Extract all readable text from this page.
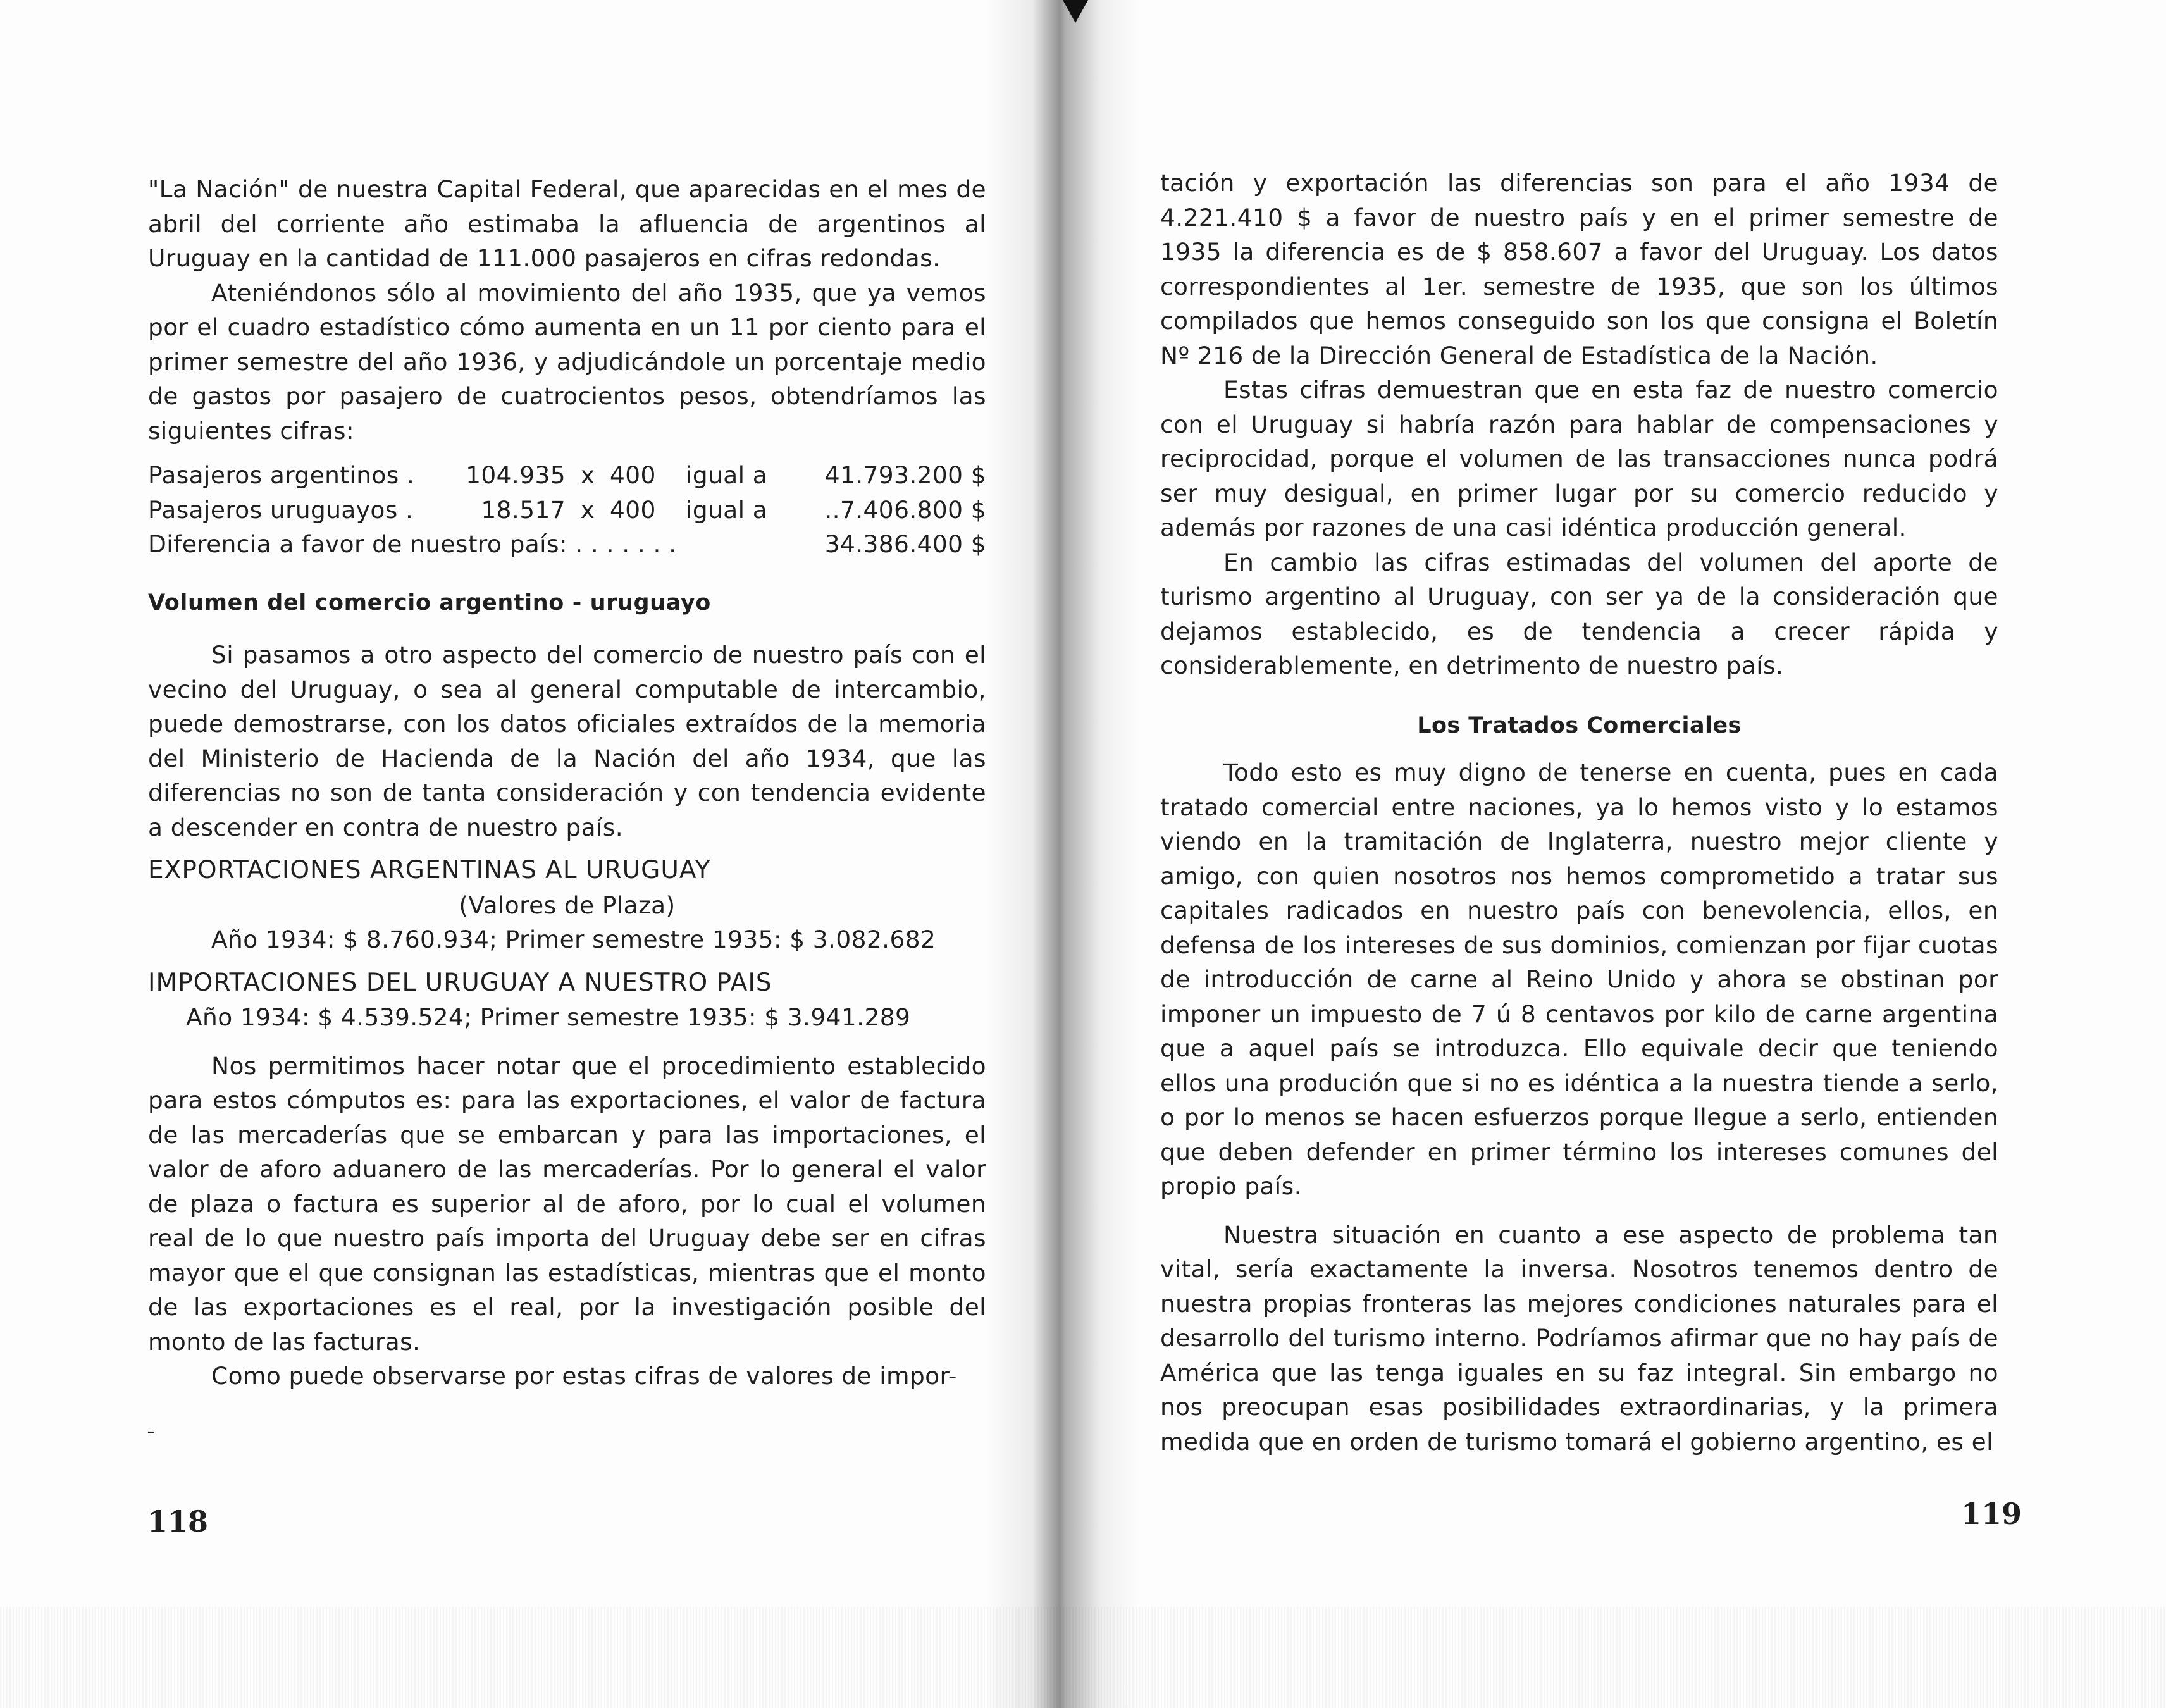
"La Nación" de nuestra Capital Federal, que aparecidas en el mes de abril del corriente año estimaba la afluencia de argentinos al Uruguay en la cantidad de 111.000 pasajeros en cifras redondas.

Ateniéndonos sólo al movimiento del año 1935, que ya vemos por el cuadro estadístico cómo aumenta en un 11 por ciento para el primer semestre del año 1936, y adjudicándole un porcentaje medio de gastos por pasajero de cuatrocientos pesos, obtendríamos las siguientes cifras:

Pasajeros argentinos .	104.935 x 400	igual a	41.793.200 $
Pasajeros uruguayos .	18.517 x 400	igual a	..7.406.800 $
Diferencia a favor de nuestro país: . . . . . . .	34.386.400 $
Volumen del comercio argentino - uruguayo

Si pasamos a otro aspecto del comercio de nuestro país con el vecino del Uruguay, o sea al general computable de intercambio, puede demostrarse, con los datos oficiales extraídos de la memoria del Ministerio de Hacienda de la Nación del año 1934, que las diferencias no son de tanta consideración y con tendencia evidente a descender en contra de nuestro país.

EXPORTACIONES ARGENTINAS AL URUGUAY
(Valores de Plaza)
Año 1934: $ 8.760.934; Primer semestre 1935: $ 3.082.682
IMPORTACIONES DEL URUGUAY A NUESTRO PAIS
Año 1934: $ 4.539.524; Primer semestre 1935: $ 3.941.289

Nos permitimos hacer notar que el procedimiento establecido para estos cómputos es: para las exportaciones, el valor de factura de las mercaderías que se embarcan y para las importaciones, el valor de aforo aduanero de las mercaderías. Por lo general el valor de plaza o factura es superior al de aforo, por lo cual el volumen real de lo que nuestro país importa del Uruguay debe ser en cifras mayor que el que consignan las estadísticas, mientras que el monto de las exportaciones es el real, por la investigación posible del monto de las facturas.

Como puede observarse por estas cifras de valores de impor-

-
118

tación y exportación las diferencias son para el año 1934 de 4.221.410 $ a favor de nuestro país y en el primer semestre de 1935 la diferencia es de $ 858.607 a favor del Uruguay. Los datos correspondientes al 1er. semestre de 1935, que son los últimos compilados que hemos conseguido son los que consigna el Boletín Nº 216 de la Dirección General de Estadística de la Nación.

Estas cifras demuestran que en esta faz de nuestro comercio con el Uruguay si habría razón para hablar de compensaciones y reciprocidad, porque el volumen de las transacciones nunca podrá ser muy desigual, en primer lugar por su comercio reducido y además por razones de una casi idéntica producción general.

En cambio las cifras estimadas del volumen del aporte de turismo argentino al Uruguay, con ser ya de la consideración que dejamos establecido, es de tendencia a crecer rápida y considerablemente, en detrimento de nuestro país.

Los Tratados Comerciales

Todo esto es muy digno de tenerse en cuenta, pues en cada tratado comercial entre naciones, ya lo hemos visto y lo estamos viendo en la tramitación de Inglaterra, nuestro mejor cliente y amigo, con quien nosotros nos hemos comprometido a tratar sus capitales radicados en nuestro país con benevolencia, ellos, en defensa de los intereses de sus dominios, comienzan por fijar cuotas de introducción de carne al Reino Unido y ahora se obstinan por imponer un impuesto de 7 ú 8 centavos por kilo de carne argentina que a aquel país se introduzca. Ello equivale decir que teniendo ellos una produción que si no es idéntica a la nuestra tiende a serlo, o por lo menos se hacen esfuerzos porque llegue a serlo, entienden que deben defender en primer término los intereses comunes del propio país.

Nuestra situación en cuanto a ese aspecto de problema tan vital, sería exactamente la inversa. Nosotros tenemos dentro de nuestra propias fronteras las mejores condiciones naturales para el desarrollo del turismo interno. Podríamos afirmar que no hay país de América que las tenga iguales en su faz integral. Sin embargo no nos preocupan esas posibilidades extraordinarias, y la primera medida que en orden de turismo tomará el gobierno argentino, es el

119
